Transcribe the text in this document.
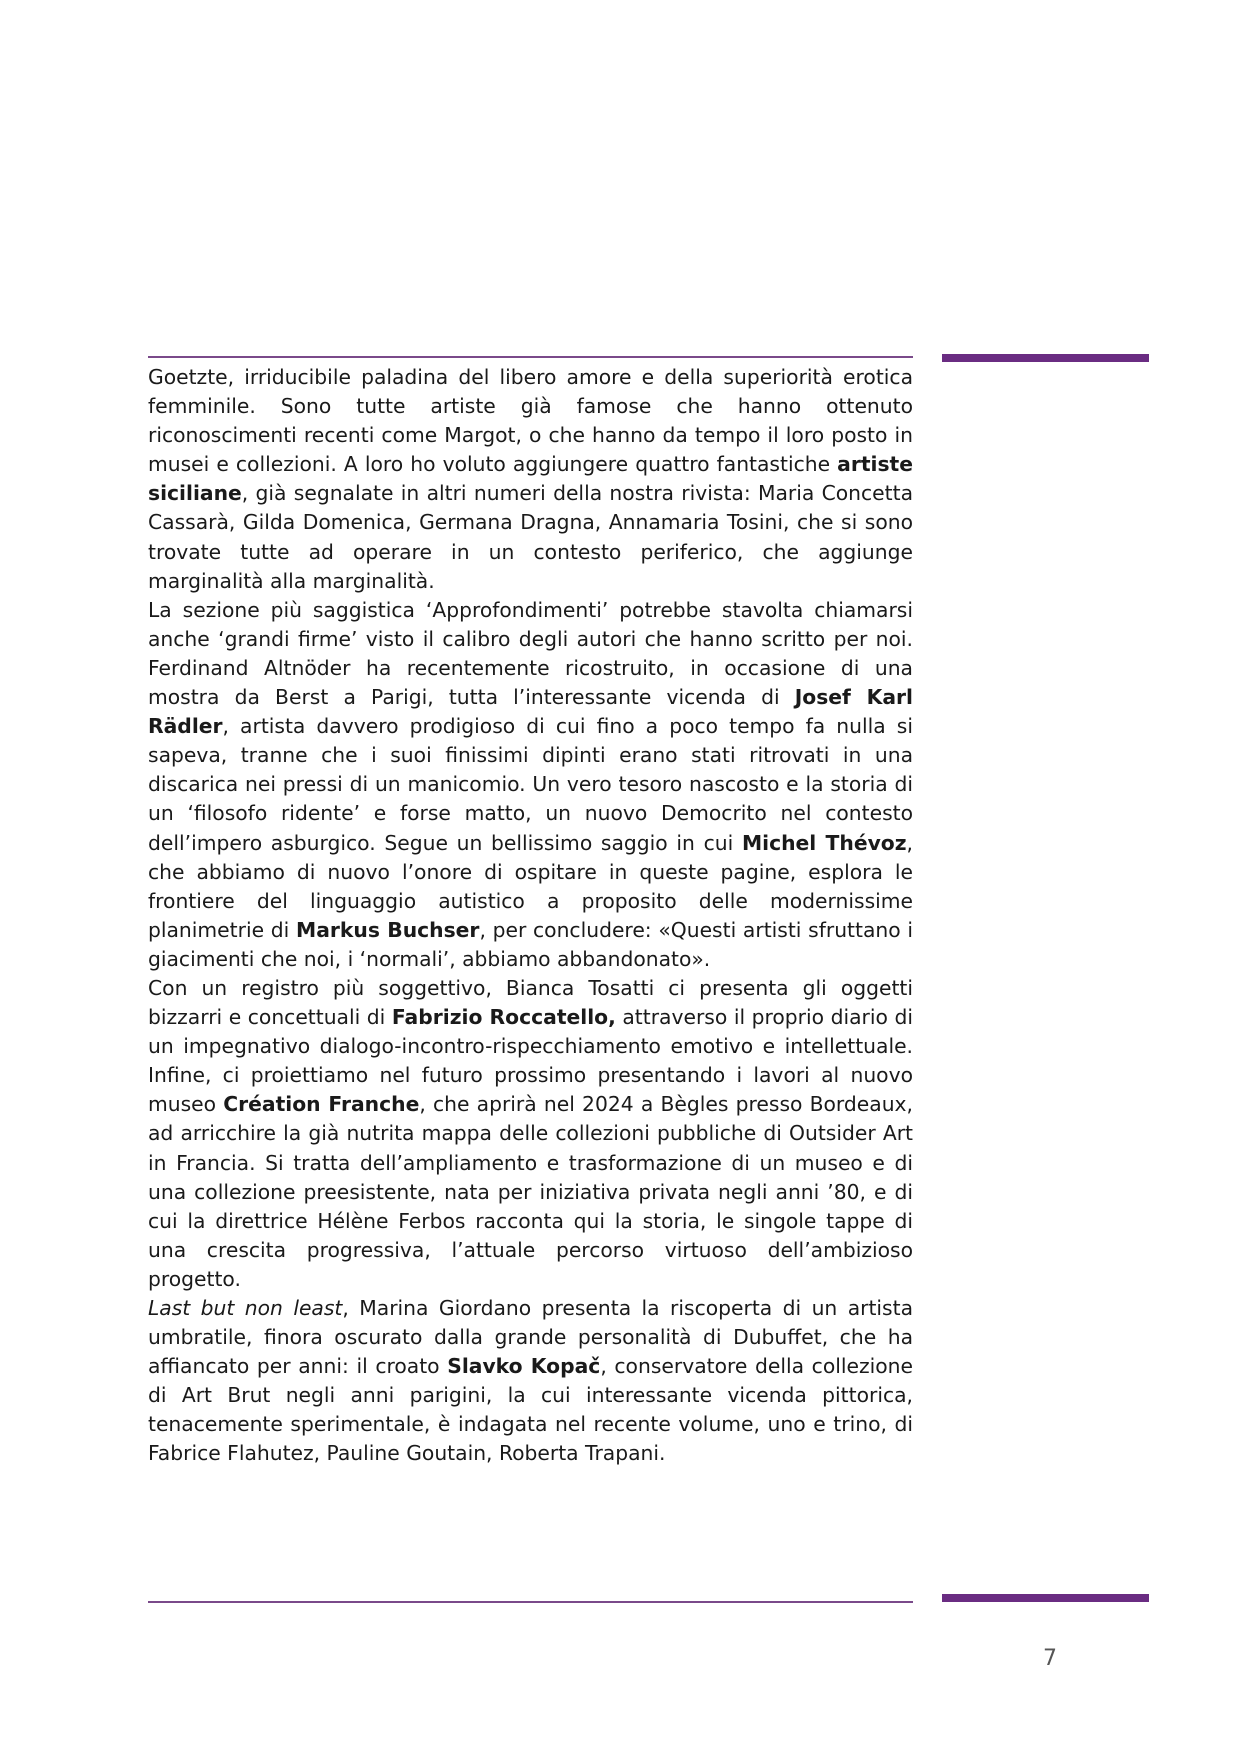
Goetzte, irriducibile paladina del libero amore e della superiorità erotica femminile. Sono tutte artiste già famose che hanno ottenuto riconoscimenti recenti come Margot, o che hanno da tempo il loro posto in musei e collezioni. A loro ho voluto aggiungere quattro fantastiche artiste siciliane, già segnalate in altri numeri della nostra rivista: Maria Concetta Cassarà, Gilda Domenica, Germana Dragna, Annamaria Tosini, che si sono trovate tutte ad operare in un contesto periferico, che aggiunge marginalità alla marginalità.

La sezione più saggistica ‘Approfondimenti’ potrebbe stavolta chiamarsi anche ‘grandi firme’ visto il calibro degli autori che hanno scritto per noi. Ferdinand Altnöder ha recentemente ricostruito, in occasione di una mostra da Berst a Parigi, tutta l’interessante vicenda di Josef Karl Rädler, artista davvero prodigioso di cui fino a poco tempo fa nulla si sapeva, tranne che i suoi finissimi dipinti erano stati ritrovati in una discarica nei pressi di un manicomio. Un vero tesoro nascosto e la storia di un ‘filosofo ridente’ e forse matto, un nuovo Democrito nel contesto dell’impero asburgico. Segue un bellissimo saggio in cui Michel Thévoz, che abbiamo di nuovo l’onore di ospitare in queste pagine, esplora le frontiere del linguaggio autistico a proposito delle modernissime planimetrie di Markus Buchser, per concludere: «Questi artisti sfruttano i giacimenti che noi, i ‘normali’, abbiamo abbandonato».

Con un registro più soggettivo, Bianca Tosatti ci presenta gli oggetti bizzarri e concettuali di Fabrizio Roccatello, attraverso il proprio diario di un impegnativo dialogo-incontro-rispecchiamento emotivo e intellettuale. Infine, ci proiettiamo nel futuro prossimo presentando i lavori al nuovo museo Création Franche, che aprirà nel 2024 a Bègles presso Bordeaux, ad arricchire la già nutrita mappa delle collezioni pubbliche di Outsider Art in Francia. Si tratta dell’ampliamento e trasformazione di un museo e di una collezione preesistente, nata per iniziativa privata negli anni ’80, e di cui la direttrice Hélène Ferbos racconta qui la storia, le singole tappe di una crescita progressiva, l’attuale percorso virtuoso dell’ambizioso progetto.

Last but non least, Marina Giordano presenta la riscoperta di un artista umbratile, finora oscurato dalla grande personalità di Dubuffet, che ha affiancato per anni: il croato Slavko Kopač, conservatore della collezione di Art Brut negli anni parigini, la cui interessante vicenda pittorica, tenacemente sperimentale, è indagata nel recente volume, uno e trino, di Fabrice Flahutez, Pauline Goutain, Roberta Trapani.

7
